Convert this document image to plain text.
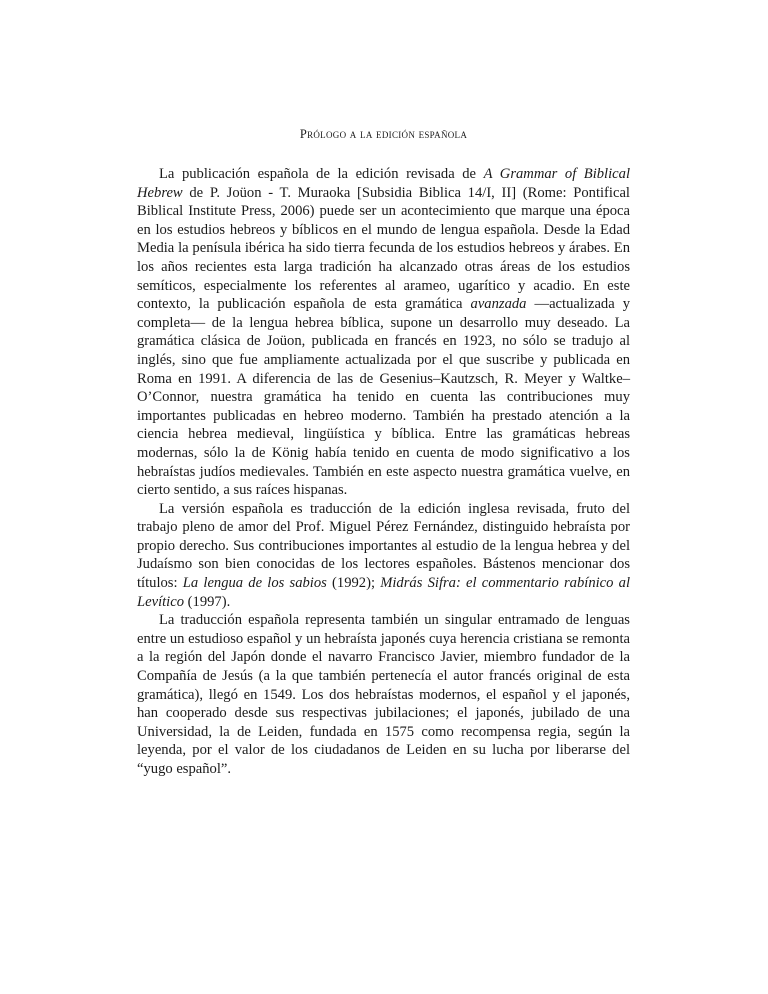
Prólogo a la edición española

La publicación española de la edición revisada de A Grammar of Biblical Hebrew de P. Joüon - T. Muraoka [Subsidia Biblica 14/I, II] (Rome: Pontifical Biblical Institute Press, 2006) puede ser un acontecimiento que marque una época en los estudios hebreos y bíblicos en el mundo de lengua española. Desde la Edad Media la penísula ibérica ha sido tierra fecunda de los estudios hebreos y árabes. En los años recientes esta larga tradición ha alcanzado otras áreas de los estudios semíticos, especialmente los referentes al arameo, ugarítico y acadio. En este contexto, la publicación española de esta gramática avanzada —actualizada y completa— de la lengua hebrea bíblica, supone un desarrollo muy deseado. La gramática clásica de Joüon, publicada en francés en 1923, no sólo se tradujo al inglés, sino que fue ampliamente actualizada por el que suscribe y publicada en Roma en 1991. A diferencia de las de Gesenius–Kautzsch, R. Meyer y Waltke–O’Connor, nuestra gramática ha tenido en cuenta las contribuciones muy importantes publicadas en hebreo moderno. También ha prestado atención a la ciencia hebrea medieval, lingüística y bíblica. Entre las gramáticas hebreas modernas, sólo la de König había tenido en cuenta de modo significativo a los hebraístas judíos medievales. También en este aspecto nuestra gramática vuelve, en cierto sentido, a sus raíces hispanas.

La versión española es traducción de la edición inglesa revisada, fruto del trabajo pleno de amor del Prof. Miguel Pérez Fernández, distinguido hebraísta por propio derecho. Sus contribuciones importantes al estudio de la lengua hebrea y del Judaísmo son bien conocidas de los lectores españoles. Bástenos mencionar dos títulos: La lengua de los sabios (1992); Midrás Sifra: el commentario rabínico al Levítico (1997).

La traducción española representa también un singular entramado de lenguas entre un estudioso español y un hebraísta japonés cuya herencia cristiana se remonta a la región del Japón donde el navarro Francisco Javier, miembro fundador de la Compañía de Jesús (a la que también pertenecía el autor francés original de esta gramática), llegó en 1549. Los dos hebraístas modernos, el español y el japonés, han cooperado desde sus respectivas jubilaciones; el japonés, jubilado de una Universidad, la de Leiden, fundada en 1575 como recompensa regia, según la leyenda, por el valor de los ciudadanos de Leiden en su lucha por liberarse del “yugo español”.
